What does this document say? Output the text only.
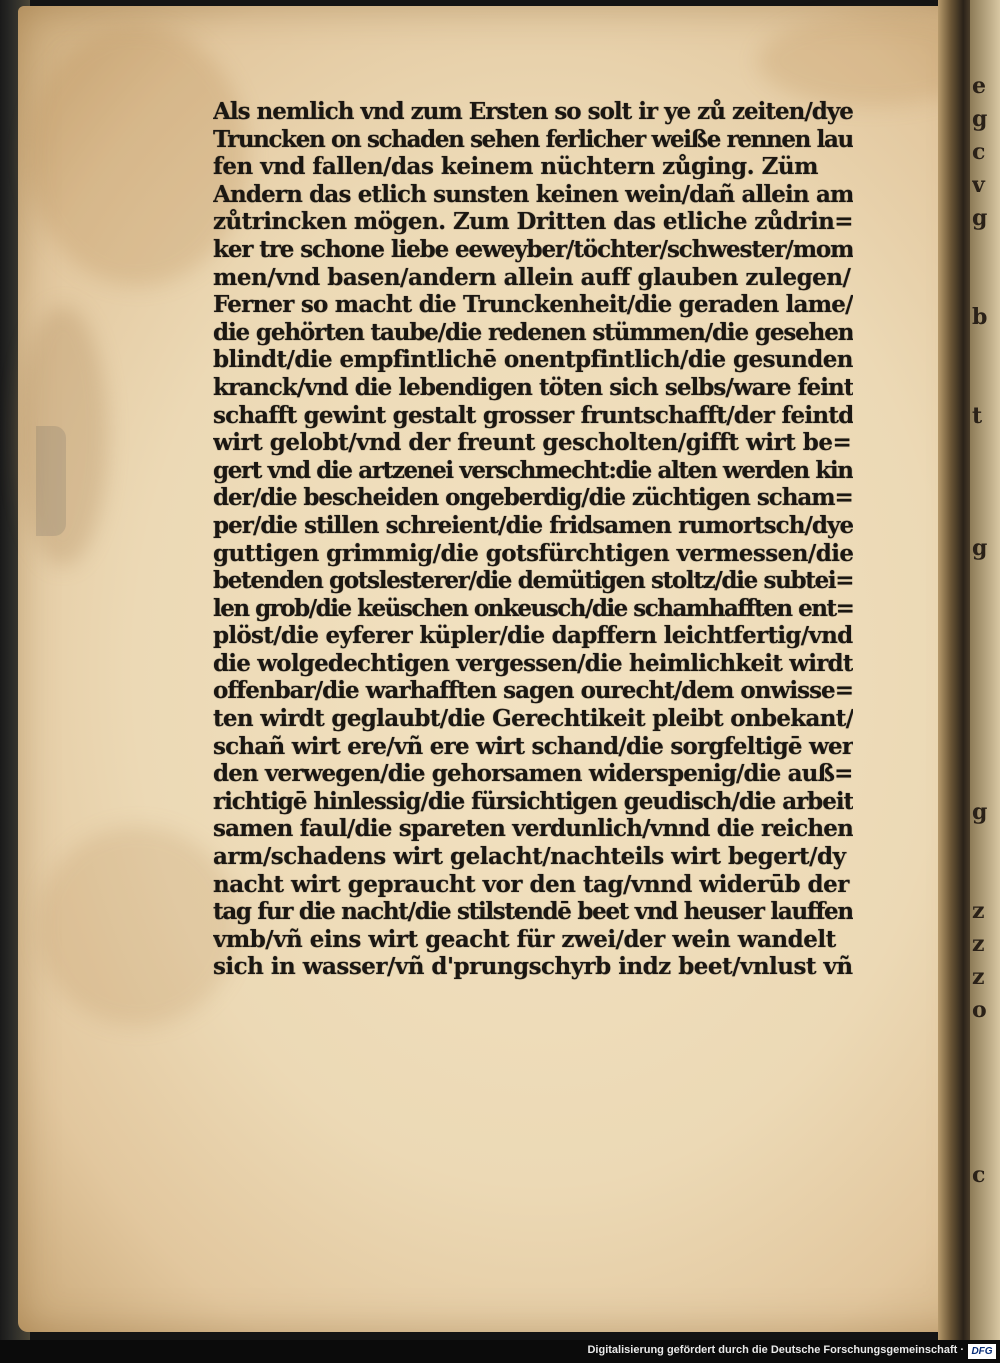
e
g
c
v
g
b
t
g
g
z
z
z
o
c
Als nemlich vnd zum Ersten so solt ir ye zů zeiten/dye
Truncken on schaden sehen ferlicher weiße rennen lau
fen vnd fallen/das keinem nüchtern zůging. Züm
Andern das etlich sunsten keinen wein/dañ allein am
zůtrincken mögen. Zum Dritten das etliche zůdrin=
ker tre schone liebe eeweyber/töchter/schwester/mom
men/vnd basen/andern allein auff glauben zulegen/
Ferner so macht die Trunckenheit/die geraden lame/
die gehörten taube/die redenen stümmen/die gesehen
blindt/die empfintlichē onentpfintlich/die gesunden
kranck/vnd die lebendigen töten sich selbs/ware feint
schafft gewint gestalt grosser fruntschafft/der feintd
wirt gelobt/vnd der freunt gescholten/gifft wirt be=
gert vnd die artzenei verschmecht:die alten werden kin
der/die bescheiden ongeberdig/die züchtigen scham=
per/die stillen schreient/die fridsamen rumortsch/dye
guttigen grimmig/die gotsfürchtigen vermessen/die
betenden gotslesterer/die demütigen stoltz/die subtei=
len grob/die keüschen onkeusch/die schamhafften ent=
plöst/die eyferer küpler/die dapffern leichtfertig/vnd
die wolgedechtigen vergessen/die heimlichkeit wirdt
offenbar/die warhafften sagen ourecht/dem onwisse=
ten wirdt geglaubt/die Gerechtikeit pleibt onbekant/
schañ wirt ere/vñ ere wirt schand/die sorgfeltigē wer
den verwegen/die gehorsamen widerspenig/die auß=
richtigē hinlessig/die fürsichtigen geudisch/die arbeit
samen faul/die spareten verdunlich/vnnd die reichen
arm/schadens wirt gelacht/nachteils wirt begert/dy
nacht wirt gepraucht vor den tag/vnnd widerūb der
tag fur die nacht/die stilstendē beet vnd heuser lauffen
vmb/vñ eins wirt geacht für zwei/der wein wandelt
sich in wasser/vñ d'prungschyrb indz beet/vnlust vñ
Digitalisierung gefördert durch die Deutsche Forschungsgemeinschaft · DFG
